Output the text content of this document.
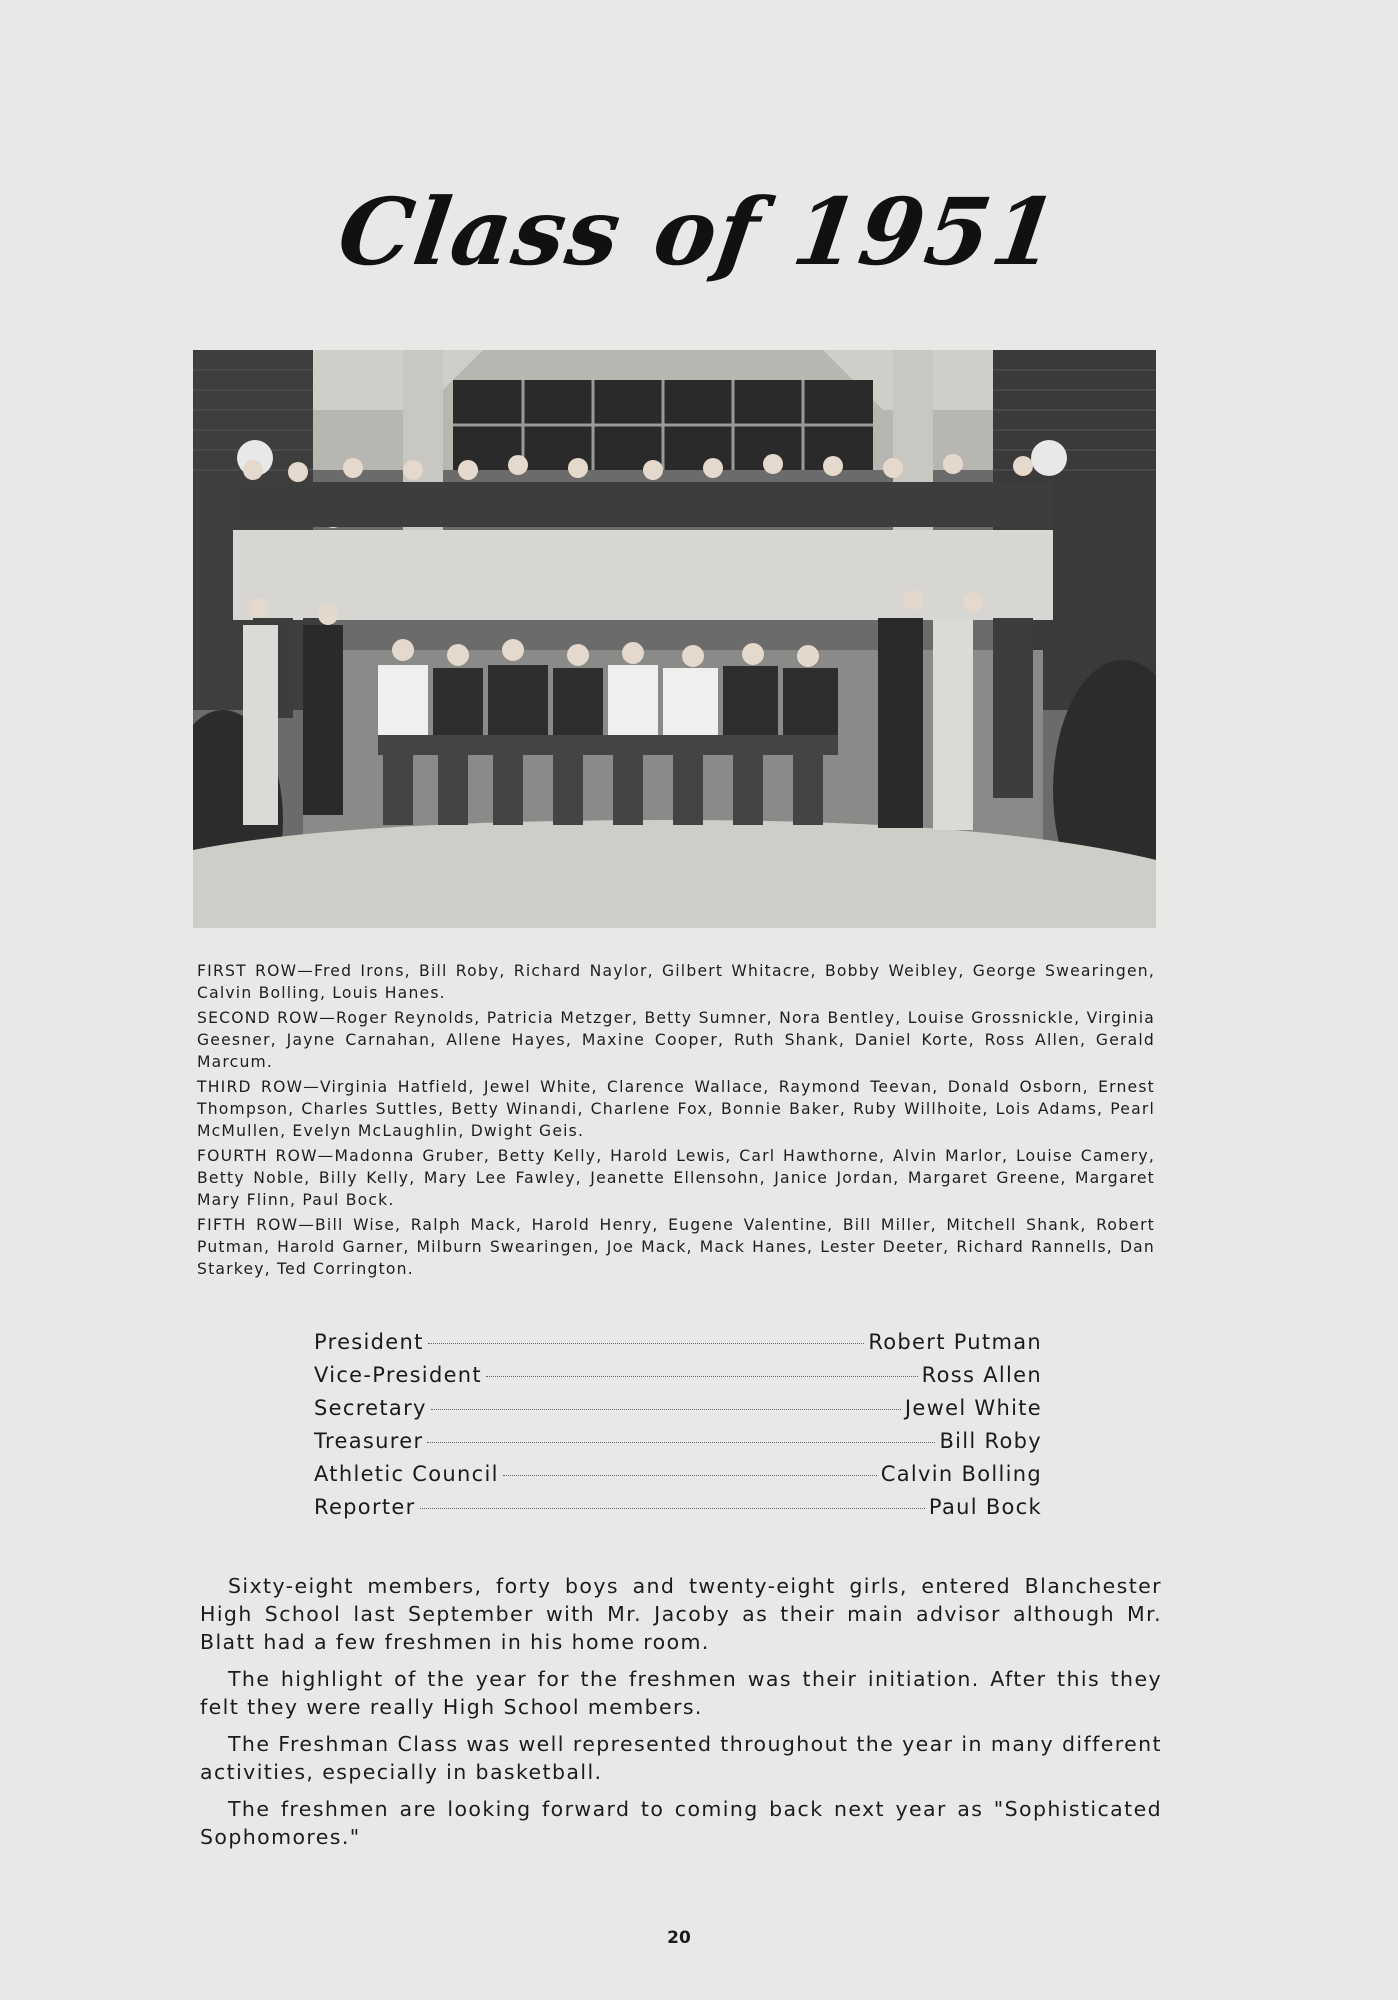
Class of 1951

FIRST ROW—Fred Irons, Bill Roby, Richard Naylor, Gilbert Whitacre, Bobby Weibley, George Swearingen, Calvin Bolling, Louis Hanes.

SECOND ROW—Roger Reynolds, Patricia Metzger, Betty Sumner, Nora Bentley, Louise Grossnickle, Virginia Geesner, Jayne Carnahan, Allene Hayes, Maxine Cooper, Ruth Shank, Daniel Korte, Ross Allen, Gerald Marcum.

THIRD ROW—Virginia Hatfield, Jewel White, Clarence Wallace, Raymond Teevan, Donald Osborn, Ernest Thompson, Charles Suttles, Betty Winandi, Charlene Fox, Bonnie Baker, Ruby Willhoite, Lois Adams, Pearl McMullen, Evelyn McLaughlin, Dwight Geis.

FOURTH ROW—Madonna Gruber, Betty Kelly, Harold Lewis, Carl Hawthorne, Alvin Marlor, Louise Camery, Betty Noble, Billy Kelly, Mary Lee Fawley, Jeanette Ellensohn, Janice Jordan, Margaret Greene, Margaret Mary Flinn, Paul Bock.

FIFTH ROW—Bill Wise, Ralph Mack, Harold Henry, Eugene Valentine, Bill Miller, Mitchell Shank, Robert Putman, Harold Garner, Milburn Swearingen, Joe Mack, Mack Hanes, Lester Deeter, Richard Rannells, Dan Starkey, Ted Corrington.

President	Robert Putman
Vice-President	Ross Allen
Secretary	Jewel White
Treasurer	Bill Roby
Athletic Council	Calvin Bolling
Reporter	Paul Bock

Sixty-eight members, forty boys and twenty-eight girls, entered Blanchester High School last September with Mr. Jacoby as their main advisor although Mr. Blatt had a few freshmen in his home room.

The highlight of the year for the freshmen was their initiation. After this they felt they were really High School members.

The Freshman Class was well represented throughout the year in many different activities, especially in basketball.

The freshmen are looking forward to coming back next year as "Sophisticated Sophomores."

20
